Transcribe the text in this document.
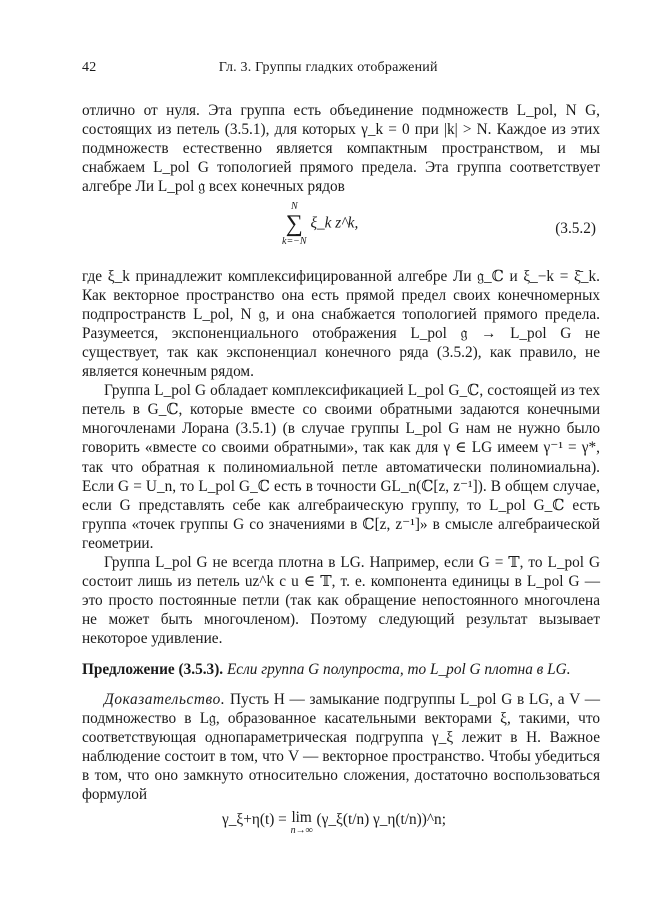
42	Гл. 3. Группы гладких отображений

отлично от нуля. Эта группа есть объединение подмножеств L_pol, N G, состоящих из петель (3.5.1), для которых γ_k = 0 при |k| > N. Каждое из этих подмножеств естественно является компактным пространством, и мы снабжаем L_pol G топологией прямого предела. Эта группа соответствует алгебре Ли L_pol 𝔤 всех конечных рядов

N
∑
k=−N
ξ_k z^k,	(3.5.2)

где ξ_k принадлежит комплексифицированной алгебре Ли 𝔤_ℂ и ξ_−k = ξ̄_k. Как векторное пространство она есть прямой предел своих конечномерных подпространств L_pol, N 𝔤, и она снабжается топологией прямого предела. Разумеется, экспоненциального отображения L_pol 𝔤 → L_pol G не существует, так как экспоненциал конечного ряда (3.5.2), как правило, не является конечным рядом.

Группа L_pol G обладает комплексификацией L_pol G_ℂ, состоящей из тех петель в G_ℂ, которые вместе со своими обратными задаются конечными многочленами Лорана (3.5.1) (в случае группы L_pol G нам не нужно было говорить «вместе со своими обратными», так как для γ ∈ LG имеем γ⁻¹ = γ*, так что обратная к полиномиальной петле автоматически полиномиальна). Если G = U_n, то L_pol G_ℂ есть в точности GL_n(ℂ[z, z⁻¹]). В общем случае, если G представлять себе как алгебраическую группу, то L_pol G_ℂ есть группа «точек группы G со значениями в ℂ[z, z⁻¹]» в смысле алгебраической геометрии.

Группа L_pol G не всегда плотна в LG. Например, если G = 𝕋, то L_pol G состоит лишь из петель uz^k с u ∈ 𝕋, т. е. компонента единицы в L_pol G — это просто постоянные петли (так как обращение непостоянного многочлена не может быть многочленом). Поэтому следующий результат вызывает некоторое удивление.

Предложение (3.5.3). Если группа G полупроста, то L_pol G плотна в LG.

Доказательство. Пусть H — замыкание подгруппы L_pol G в LG, а V — подмножество в L𝔤, образованное касательными векторами ξ, такими, что соответствующая однопараметрическая подгруппа γ_ξ лежит в H. Важное наблюдение состоит в том, что V — векторное пространство. Чтобы убедиться в том, что оно замкнуто относительно сложения, достаточно воспользоваться формулой

γ_ξ+η(t) = lim
n→∞
(γ_ξ(t/n) γ_η(t/n))^n;
